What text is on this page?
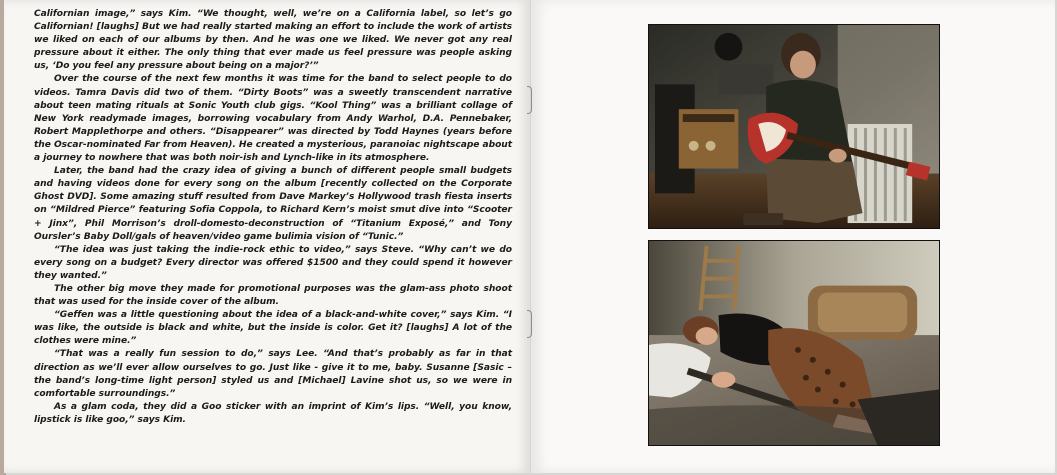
Californian image,” says Kim. “We thought, well, we’re on a California label, so let’s go Californian! [laughs] But we had really started making an effort to include the work of artists we liked on each of our albums by then. And he was one we liked. We never got any real pressure about it either. The only thing that ever made us feel pressure was people asking us, ‘Do you feel any pressure about being on a major?’”

Over the course of the next few months it was time for the band to select people to do videos. Tamra Davis did two of them. “Dirty Boots” was a sweetly transcendent narrative about teen mating rituals at Sonic Youth club gigs. “Kool Thing” was a brilliant collage of New York readymade images, borrowing vocabulary from Andy Warhol, D.A. Pennebaker, Robert Mapplethorpe and others. “Disappearer” was directed by Todd Haynes (years before the Oscar-nominated Far from Heaven). He created a mysterious, paranoiac nightscape about a journey to nowhere that was both noir-ish and Lynch-like in its atmosphere.

Later, the band had the crazy idea of giving a bunch of different people small budgets and having videos done for every song on the album [recently collected on the Corporate Ghost DVD]. Some amazing stuff resulted from Dave Markey’s Hollywood trash fiesta inserts on “Mildred Pierce” featuring Sofia Coppola, to Richard Kern’s moist smut dive into “Scooter + Jinx”, Phil Morrison’s droll-domesto-deconstruction of “Titanium Exposé,” and Tony Oursler’s Baby Doll/gals of heaven/video game bulimia vision of “Tunic.”

“The idea was just taking the indie-rock ethic to video,” says Steve. “Why can’t we do every song on a budget? Every director was offered $1500 and they could spend it however they wanted.”

The other big move they made for promotional purposes was the glam-ass photo shoot that was used for the inside cover of the album.

“Geffen was a little questioning about the idea of a black-and-white cover,” says Kim. “I was like, the outside is black and white, but the inside is color. Get it? [laughs] A lot of the clothes were mine.”

“That was a really fun session to do,” says Lee. “And that’s probably as far in that direction as we’ll ever allow ourselves to go. Just like - give it to me, baby. Susanne [Sasic – the band’s long-time light person] styled us and [Michael] Lavine shot us, so we were in comfortable surroundings.”

As a glam coda, they did a Goo sticker with an imprint of Kim’s lips. “Well, you know, lipstick is like goo,” says Kim.
